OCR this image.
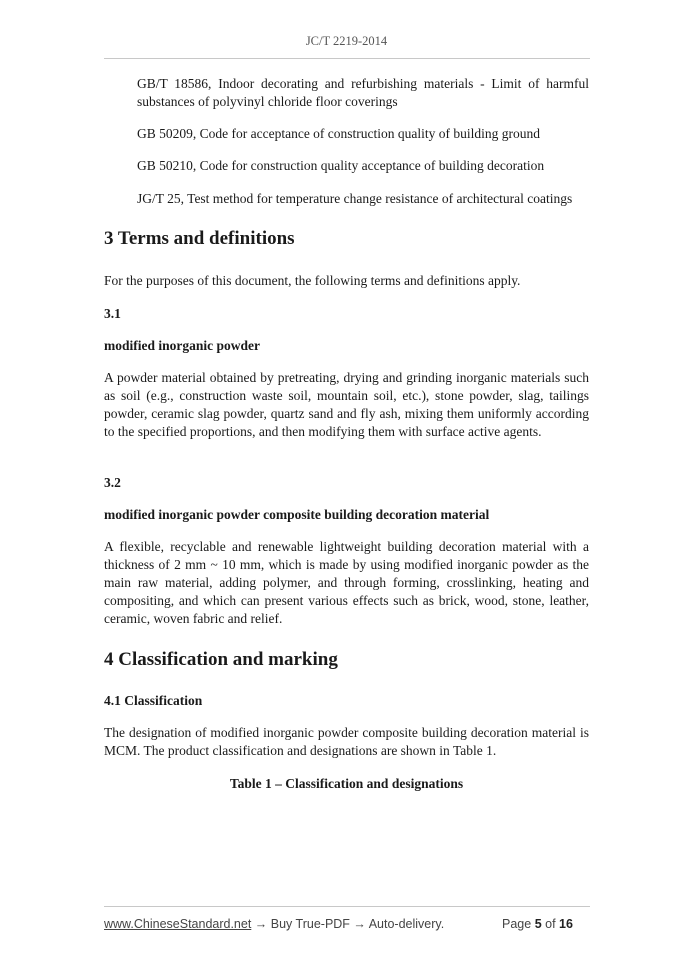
JC/T 2219-2014

GB/T 18586, Indoor decorating and refurbishing materials - Limit of harmful substances of polyvinyl chloride floor coverings

GB 50209, Code for acceptance of construction quality of building ground

GB 50210, Code for construction quality acceptance of building decoration

JG/T 25, Test method for temperature change resistance of architectural coatings

3 Terms and definitions

For the purposes of this document, the following terms and definitions apply.

3.1

modified inorganic powder

A powder material obtained by pretreating, drying and grinding inorganic materials such as soil (e.g., construction waste soil, mountain soil, etc.), stone powder, slag, tailings powder, ceramic slag powder, quartz sand and fly ash, mixing them uniformly according to the specified proportions, and then modifying them with surface active agents.

3.2

modified inorganic powder composite building decoration material

A flexible, recyclable and renewable lightweight building decoration material with a thickness of 2 mm ~ 10 mm, which is made by using modified inorganic powder as the main raw material, adding polymer, and through forming, crosslinking, heating and compositing, and which can present various effects such as brick, wood, stone, leather, ceramic, woven fabric and relief.

4 Classification and marking

4.1 Classification

The designation of modified inorganic powder composite building decoration material is MCM. The product classification and designations are shown in Table 1.

Table 1 – Classification and designations

www.ChineseStandard.net → Buy True-PDF → Auto-delivery.	Page 5 of 16
